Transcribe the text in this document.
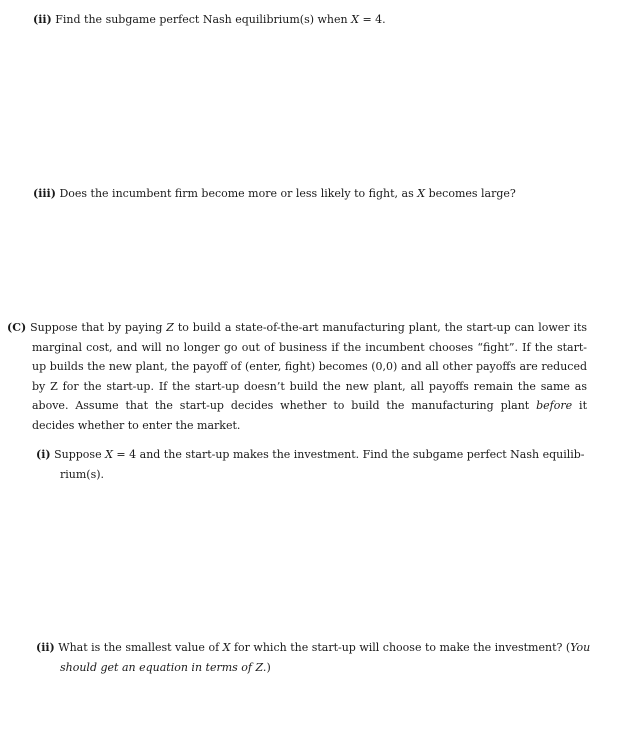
(ii) Find the subgame perfect Nash equilibrium(s) when X = 4.

(iii) Does the incumbent firm become more or less likely to fight, as X becomes large?

(C) Suppose that by paying Z to build a state-of-the-art manufacturing plant, the start-up can lower its marginal cost, and will no longer go out of business if the incumbent chooses “fight”. If the start-up builds the new plant, the payoff of (enter, fight) becomes (0,0) and all other payoffs are reduced by Z for the start-up. If the start-up doesn’t build the new plant, all payoffs remain the same as above. Assume that the start-up decides whether to build the manufacturing plant before it decides whether to enter the market.

(i) Suppose X = 4 and the start-up makes the investment. Find the subgame perfect Nash equilib-rium(s).

(ii) What is the smallest value of X for which the start-up will choose to make the investment? (You should get an equation in terms of Z.)
